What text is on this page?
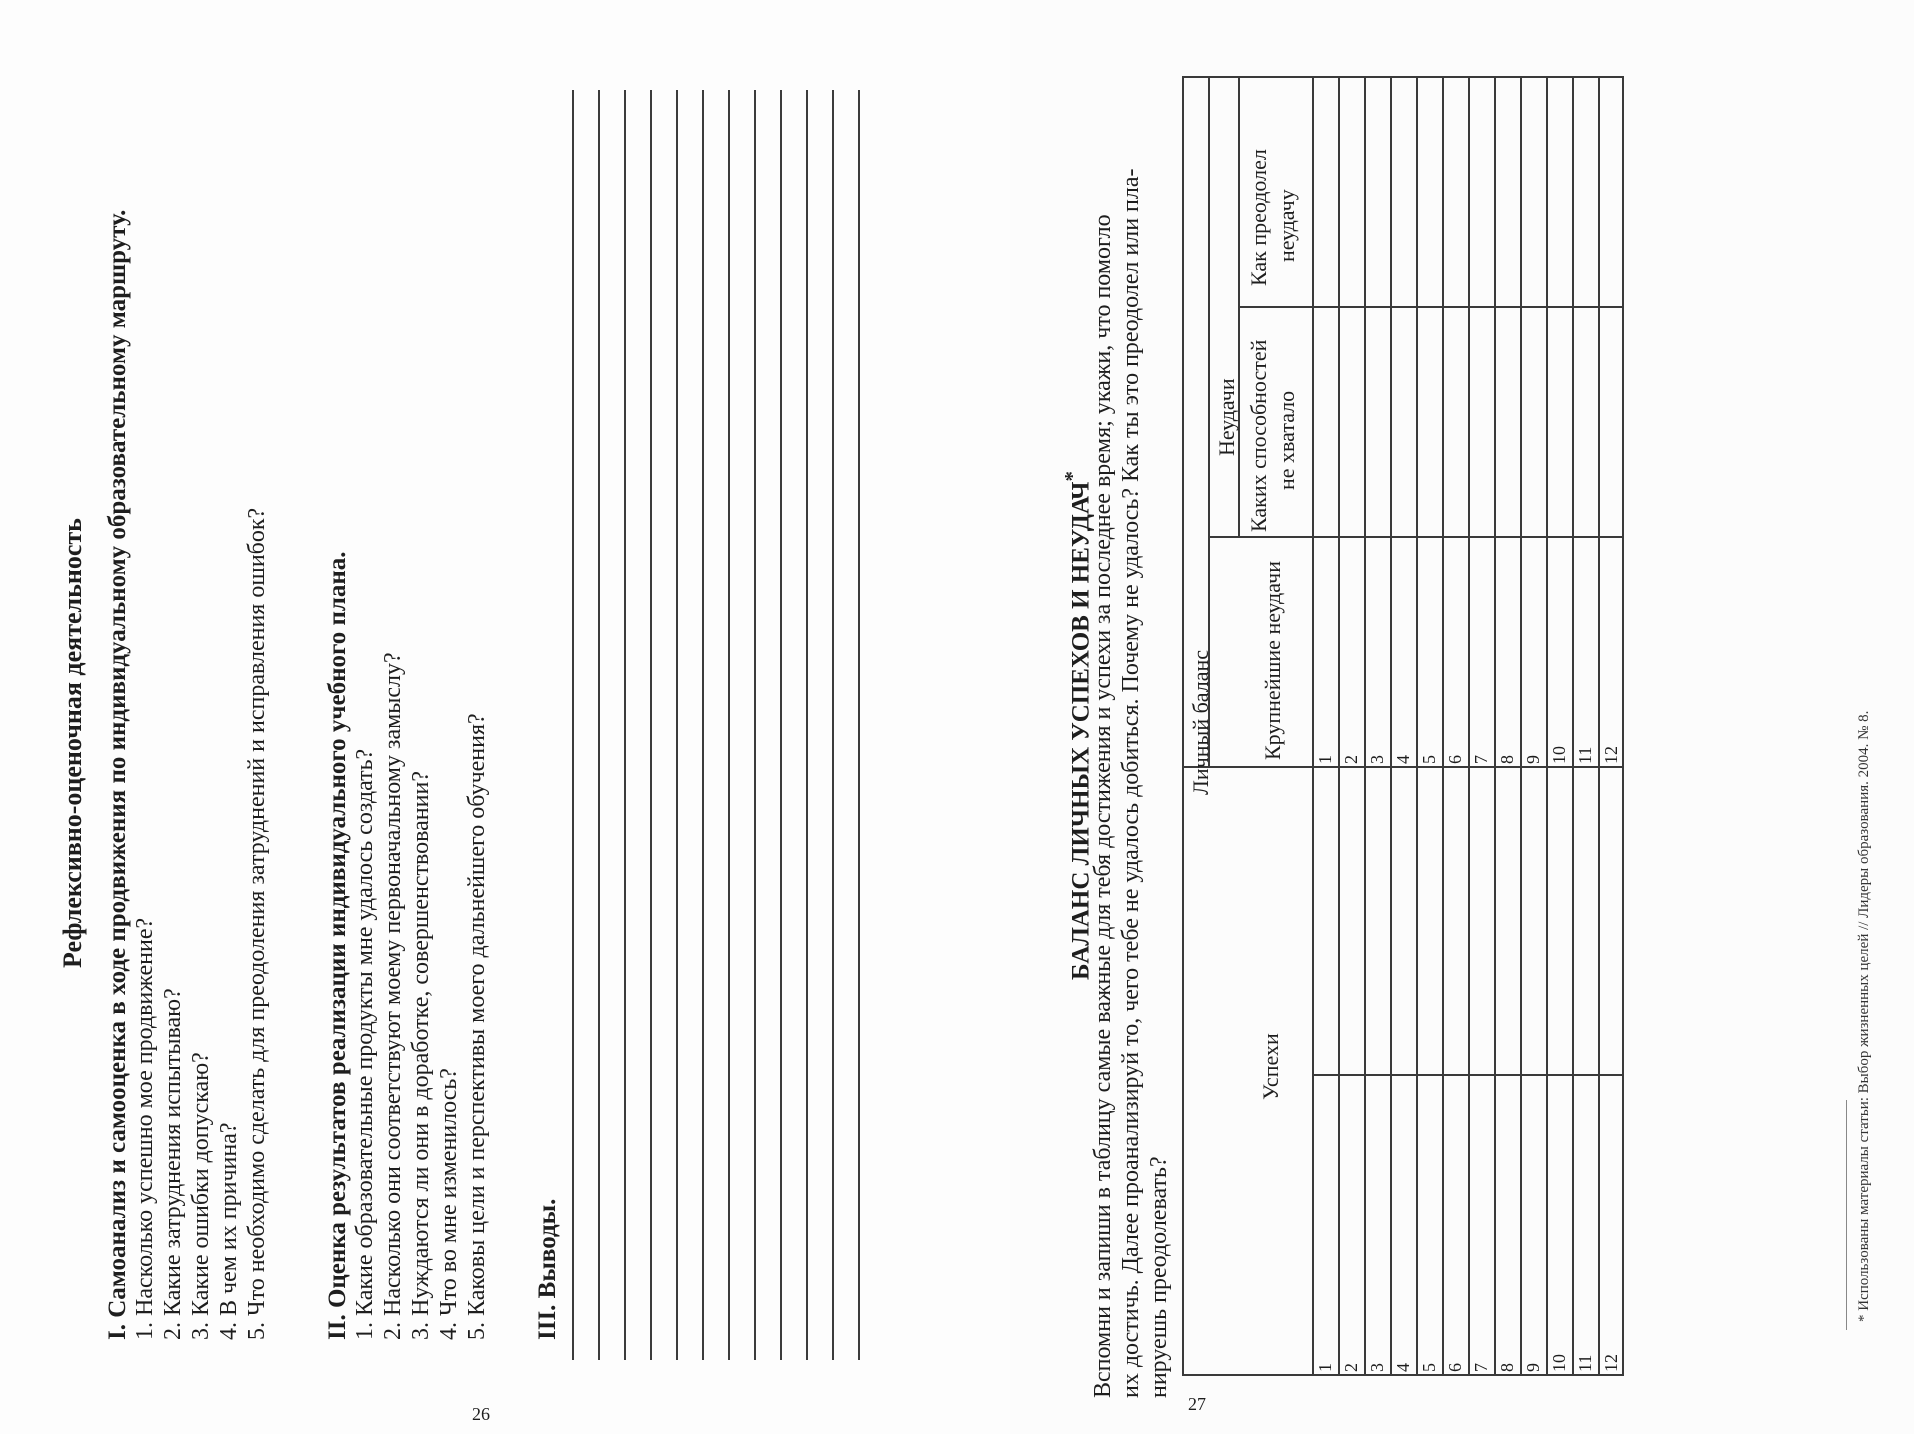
Рефлексивно-оценочная деятельность I. Самоанализ и самооценка в ходе продвижения по индивидуальному образовательному маршруту. 1. Насколько успешно мое продвижение? 2. Какие затруднения испытываю? 3. Какие ошибки допускаю? 4. В чем их причина? 5. Что необходимо сделать для преодоления затруднений и исправления ошибок? II. Оценка результатов реализации индивидуального учебного плана. 1. Какие образовательные продукты мне удалось создать? 2. Насколько они соответствуют моему первоначальному замыслу? 3. Нуждаются ли они в доработке, совершенствовании? 4. Что во мне изменилось? 5. Каковы цели и перспективы моего дальнейшего обучения? III. Выводы.
26
БАЛАНС ЛИЧНЫХ УСПЕХОВ И НЕУДАЧ* Вспомни и запиши в таблицу самые важные для тебя достижения и успехи за последнее время; укажи, что помогло их достичь. Далее проанализируй то, чего тебе не удалось добиться. Почему не удалось? Как ты это преодолел или пла- нируешь преодолевать?
Личный баланс
Успехи
Неудачи
Крупнейшие неудачи
Каких способностей не хватало
Как преодолел неудачу
1 2 3 4 5 6 7 8 9 10 11 12
1 2 3 4 5 6 7 8 9 10 11 12	* Использованы материалы статьи: Выбор жизненных целей // Лидеры образования. 2004. № 8.
27
